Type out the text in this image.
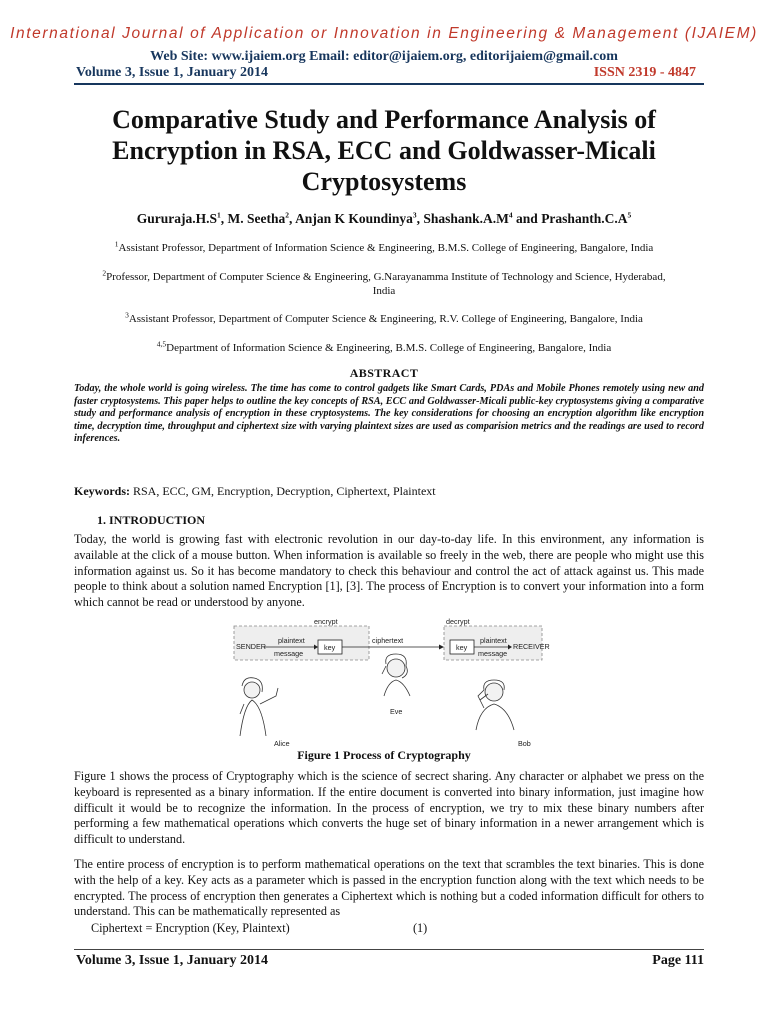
International Journal of Application or Innovation in Engineering & Management (IJAIEM)
Web Site: www.ijaiem.org Email: editor@ijaiem.org, editorijaiem@gmail.com
Volume 3, Issue 1, January 2014	ISSN 2319 - 4847
Comparative Study and Performance Analysis of Encryption in RSA, ECC and Goldwasser-Micali Cryptosystems
$Gururaja.H.S^1$, M. Seetha$^2$, Anjan K Koundinya$^3$, $Shashank.A.M^4$ and $Prashanth.C.A^5$
$^1$Assistant Professor, Department of Information Science & Engineering, B.M.S. College of Engineering, Bangalore, India
$^2$Professor, Department of Computer Science & Engineering, G.Narayanamma Institute of Technology and Science, Hyderabad, India
$^3$Assistant Professor, Department of Computer Science & Engineering, R.V. College of Engineering, Bangalore, India
$^{4,5}$Department of Information Science & Engineering, B.M.S. College of Engineering, Bangalore, India
ABSTRACT
Today, the whole world is going wireless. The time has come to control gadgets like Smart Cards, PDAs and Mobile Phones remotely using new and faster cryptosystems. This paper helps to outline the key concepts of RSA, ECC and Goldwasser-Micali public-key cryptosystems giving a comparative study and performance analysis of encryption in these cryptosystems. The key considerations for choosing an encryption algorithm like encryption time, decryption time, throughput and ciphertext size with varying plaintext sizes are used as comparision metrics and the readings are used to record inferences.
Keywords: RSA, ECC, GM, Encryption, Decryption, Ciphertext, Plaintext
1. INTRODUCTION
Today, the world is growing fast with electronic revolution in our day-to-day life. In this environment, any information is available at the click of a mouse button. When information is available so freely in the web, there are people who might use this information against us. So it has become mandatory to check this behaviour and control the act of attack against us. This made people to think about a solution named Encryption [1], [3]. The process of Encryption is to convert your information into a form which cannot be read or understood by anyone.
SENDER
plaintext
message
encrypt
key
ciphertext
decrypt
key
plaintext
message
RECEIVER
Alice
Eve
Bob
Figure 1 Process of Cryptography
Figure 1 shows the process of Cryptography which is the science of secrect sharing. Any character or alphabet we press on the keyboard is represented as a binary information. If the entire document is converted into binary information, just imagine how difficult it would be to recognize the information. In the process of encryption, we try to mix these binary numbers after performing a few mathematical operations which converts the huge set of binary information in a newer arrangement which is difficult to understand.
The entire process of encryption is to perform mathematical operations on the text that scrambles the text binaries. This is done with the help of a key. Key acts as a parameter which is passed in the encryption function along with the text which needs to be encrypted. The process of encryption then generates a Ciphertext which is nothing but a coded information difficult for others to understand. This can be mathematically represented as
Ciphertext = Encryption (Key, Plaintext)	(1)
Volume 3, Issue 1, January 2014	Page 111
